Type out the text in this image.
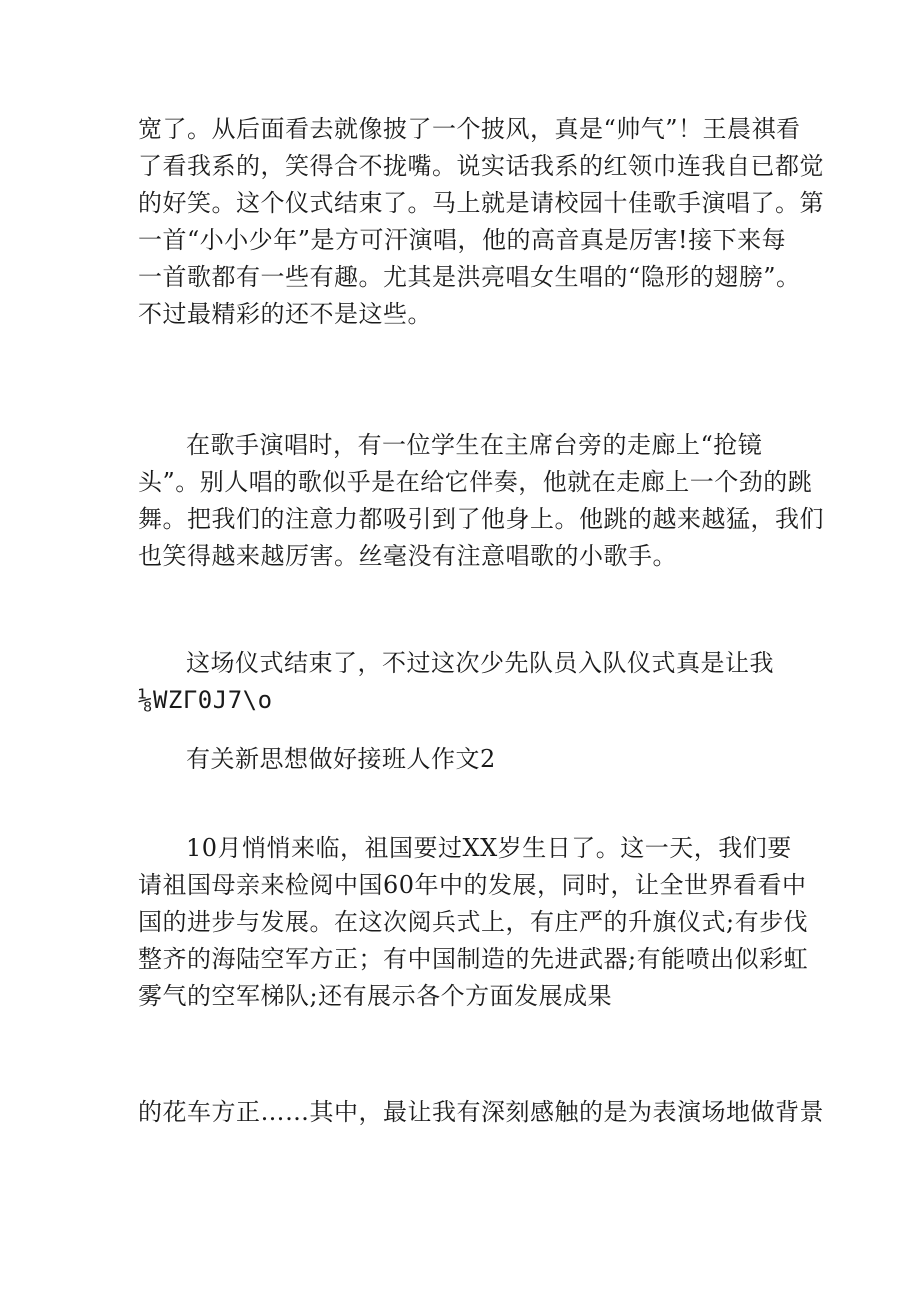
宽了。从后面看去就像披了一个披风，真是“帅气”！王晨祺看
了看我系的，笑得合不拢嘴。说实话我系的红领巾连我自已都觉
的好笑。这个仪式结束了。马上就是请校园十佳歌手演唱了。第
一首“小小少年”是方可汗演唱，他的高音真是厉害!接下来每
一首歌都有一些有趣。尤其是洪亮唱女生唱的“隐形的翅膀”。
不过最精彩的还不是这些。
在歌手演唱时，有一位学生在主席台旁的走廊上“抢镜
头”。别人唱的歌似乎是在给它伴奏，他就在走廊上一个劲的跳
舞。把我们的注意力都吸引到了他身上。他跳的越来越猛，我们
也笑得越来越厉害。丝毫没有注意唱歌的小歌手。
这场仪式结束了，不过这次少先队员入队仪式真是让我
⅛WZΓ0J7\o
有关新思想做好接班人作文2
10月悄悄来临，祖国要过XX岁生日了。这一天，我们要
请祖国母亲来检阅中国60年中的发展，同时，让全世界看看中
国的进步与发展。在这次阅兵式上，有庄严的升旗仪式;有步伐
整齐的海陆空军方正；有中国制造的先进武器;有能喷出似彩虹
雾气的空军梯队;还有展示各个方面发展成果
的花车方正……其中，最让我有深刻感触的是为表演场地做背景
